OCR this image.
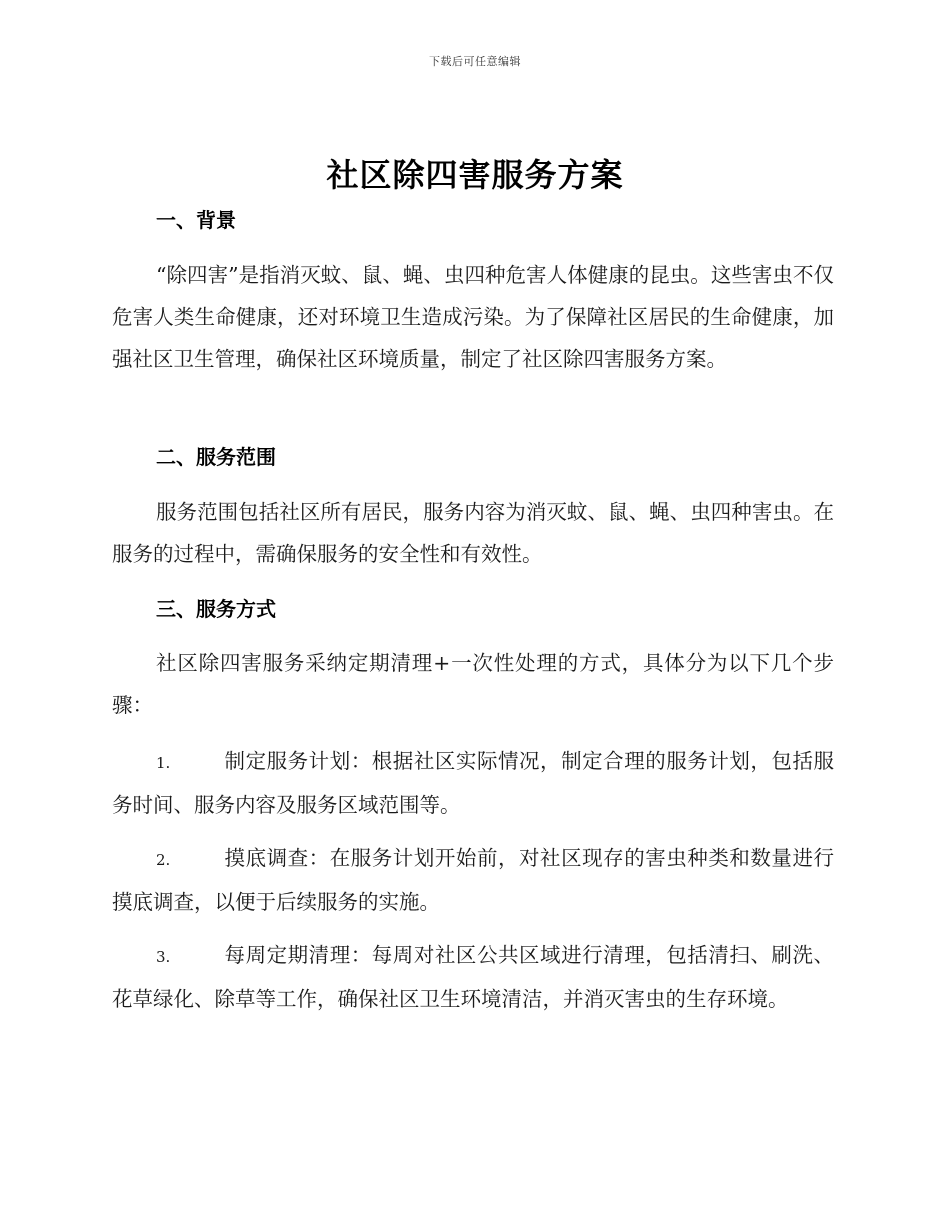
下载后可任意编辑
社区除四害服务方案
一、背景
“除四害”是指消灭蚊、鼠、蝇、虫四种危害人体健康的昆虫。这些害虫不仅危害人类生命健康，还对环境卫生造成污染。为了保障社区居民的生命健康，加强社区卫生管理，确保社区环境质量，制定了社区除四害服务方案。
二、服务范围
服务范围包括社区所有居民，服务内容为消灭蚊、鼠、蝇、虫四种害虫。在服务的过程中，需确保服务的安全性和有效性。
三、服务方式
社区除四害服务采纳定期清理+一次性处理的方式，具体分为以下几个步骤：
1.	制定服务计划：根据社区实际情况，制定合理的服务计划，包括服务时间、服务内容及服务区域范围等。
2.	摸底调查：在服务计划开始前，对社区现存的害虫种类和数量进行摸底调查，以便于后续服务的实施。
3.	每周定期清理：每周对社区公共区域进行清理，包括清扫、刷洗、花草绿化、除草等工作，确保社区卫生环境清洁，并消灭害虫的生存环境。
